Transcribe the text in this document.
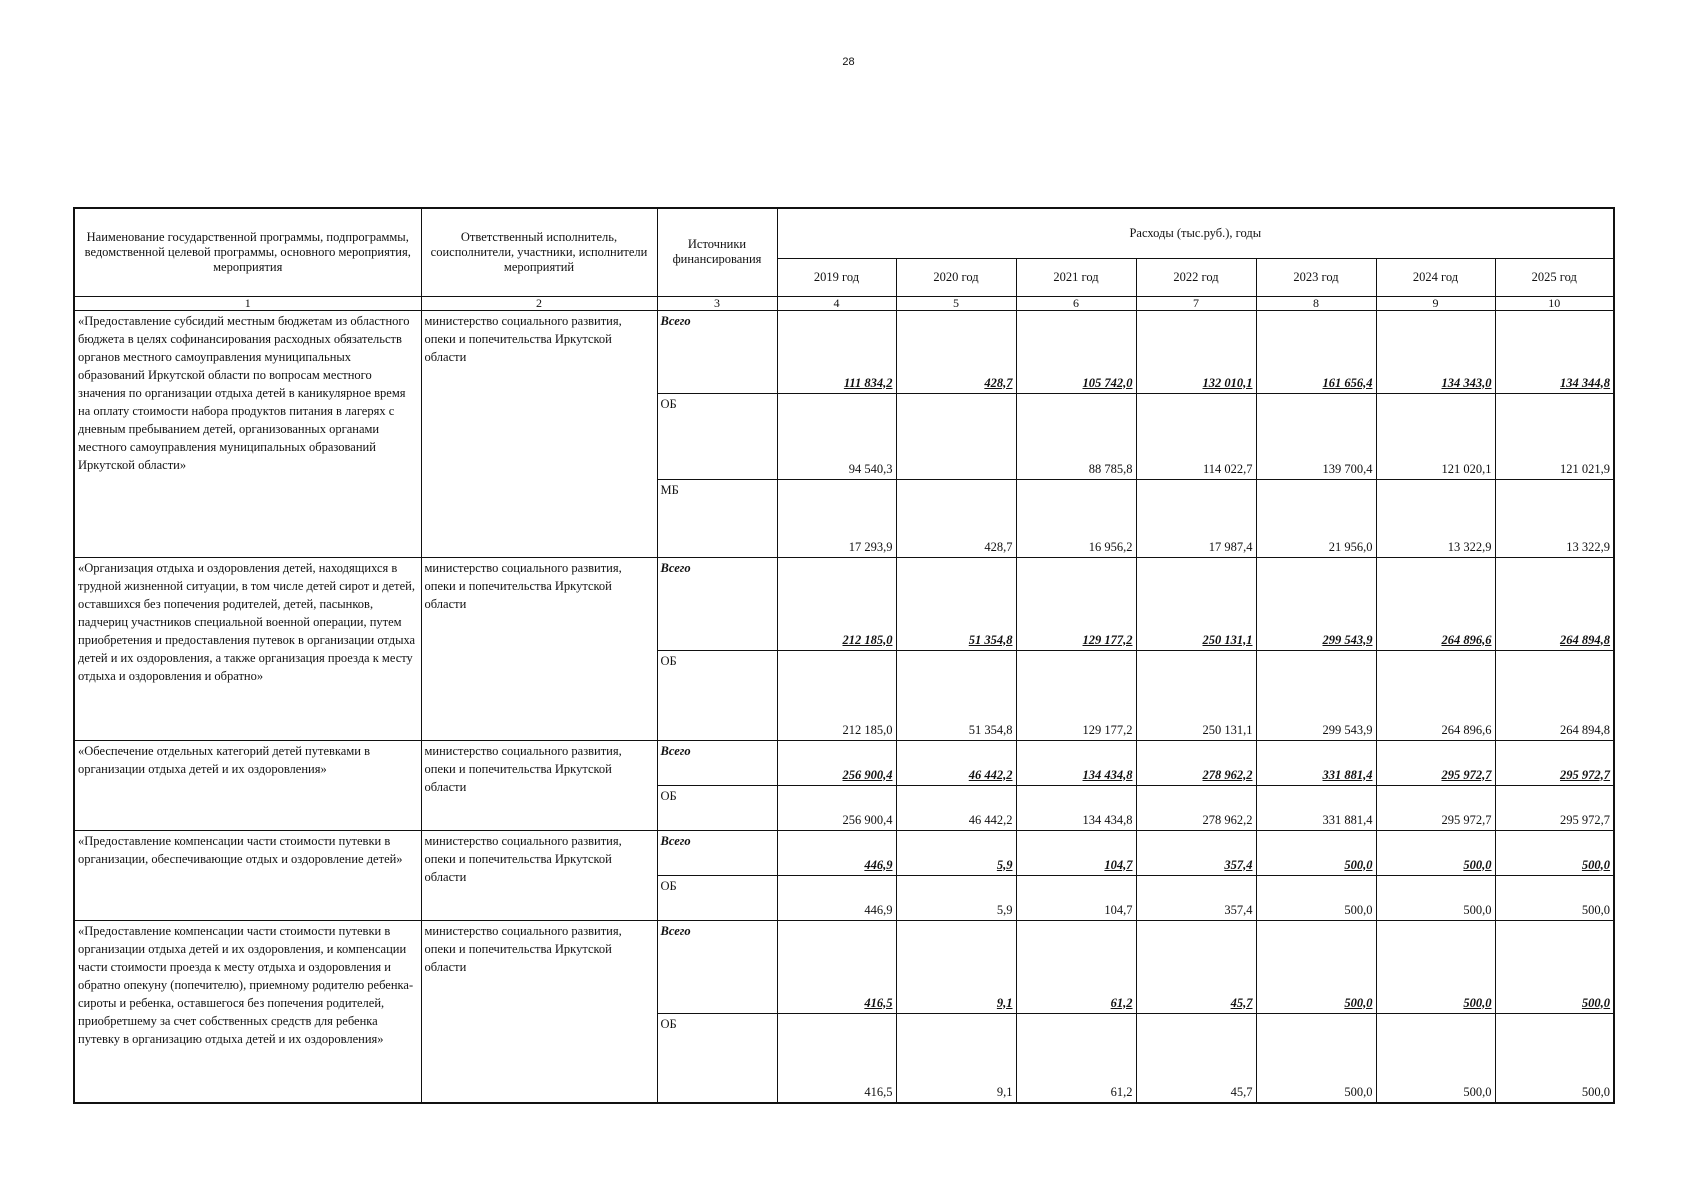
28
Наименование государственной программы, подпрограммы, ведомственной целевой программы, основного мероприятия, мероприятия	Ответственный исполнитель, соисполнители, участники, исполнители мероприятий	Источники финансирования	Расходы (тыс.руб.), годы						
			2019 год	2020 год	2021 год	2022 год	2023 год	2024 год	2025 год
1	2	3	4	5	6	7	8	9	10
«Предоставление субсидий местным бюджетам из областного бюджета в целях софинансирования расходных обязательств органов местного самоуправления муниципальных образований Иркутской области по вопросам местного значения по организации отдыха детей в каникулярное время на оплату стоимости набора продуктов питания в лагерях с дневным пребыванием детей, организованных органами местного самоуправления муниципальных образований Иркутской области»	министерство социального развития, опеки и попечительства Иркутской области	Всего	111 834,2	428,7	105 742,0	132 010,1	161 656,4	134 343,0	134 344,8
		ОБ	94 540,3		88 785,8	114 022,7	139 700,4	121 020,1	121 021,9
		МБ	17 293,9	428,7	16 956,2	17 987,4	21 956,0	13 322,9	13 322,9
«Организация отдыха и оздоровления детей, находящихся в трудной жизненной ситуации, в том числе детей сирот и детей, оставшихся без попечения родителей, детей, пасынков, падчериц участников специальной военной операции, путем приобретения и предоставления путевок в организации отдыха детей и их оздоровления, а также организация проезда к месту отдыха и оздоровления и обратно»	министерство социального развития, опеки и попечительства Иркутской области	Всего	212 185,0	51 354,8	129 177,2	250 131,1	299 543,9	264 896,6	264 894,8
		ОБ	212 185,0	51 354,8	129 177,2	250 131,1	299 543,9	264 896,6	264 894,8
«Обеспечение отдельных категорий детей путевками в организации отдыха детей и их оздоровления»	министерство социального развития, опеки и попечительства Иркутской области	Всего	256 900,4	46 442,2	134 434,8	278 962,2	331 881,4	295 972,7	295 972,7
		ОБ	256 900,4	46 442,2	134 434,8	278 962,2	331 881,4	295 972,7	295 972,7
«Предоставление компенсации части стоимости путевки в организации, обеспечивающие отдых и оздоровление детей»	министерство социального развития, опеки и попечительства Иркутской области	Всего	446,9	5,9	104,7	357,4	500,0	500,0	500,0
		ОБ	446,9	5,9	104,7	357,4	500,0	500,0	500,0
«Предоставление компенсации части стоимости путевки в организации отдыха детей и их оздоровления, и компенсации части стоимости проезда к месту отдыха и оздоровления и обратно опекуну (попечителю), приемному родителю ребенка-сироты и ребенка, оставшегося без попечения родителей, приобретшему за счет собственных средств для ребенка путевку в организацию отдыха детей и их оздоровления»	министерство социального развития, опеки и попечительства Иркутской области	Всего	416,5	9,1	61,2	45,7	500,0	500,0	500,0
		ОБ	416,5	9,1	61,2	45,7	500,0	500,0	500,0
